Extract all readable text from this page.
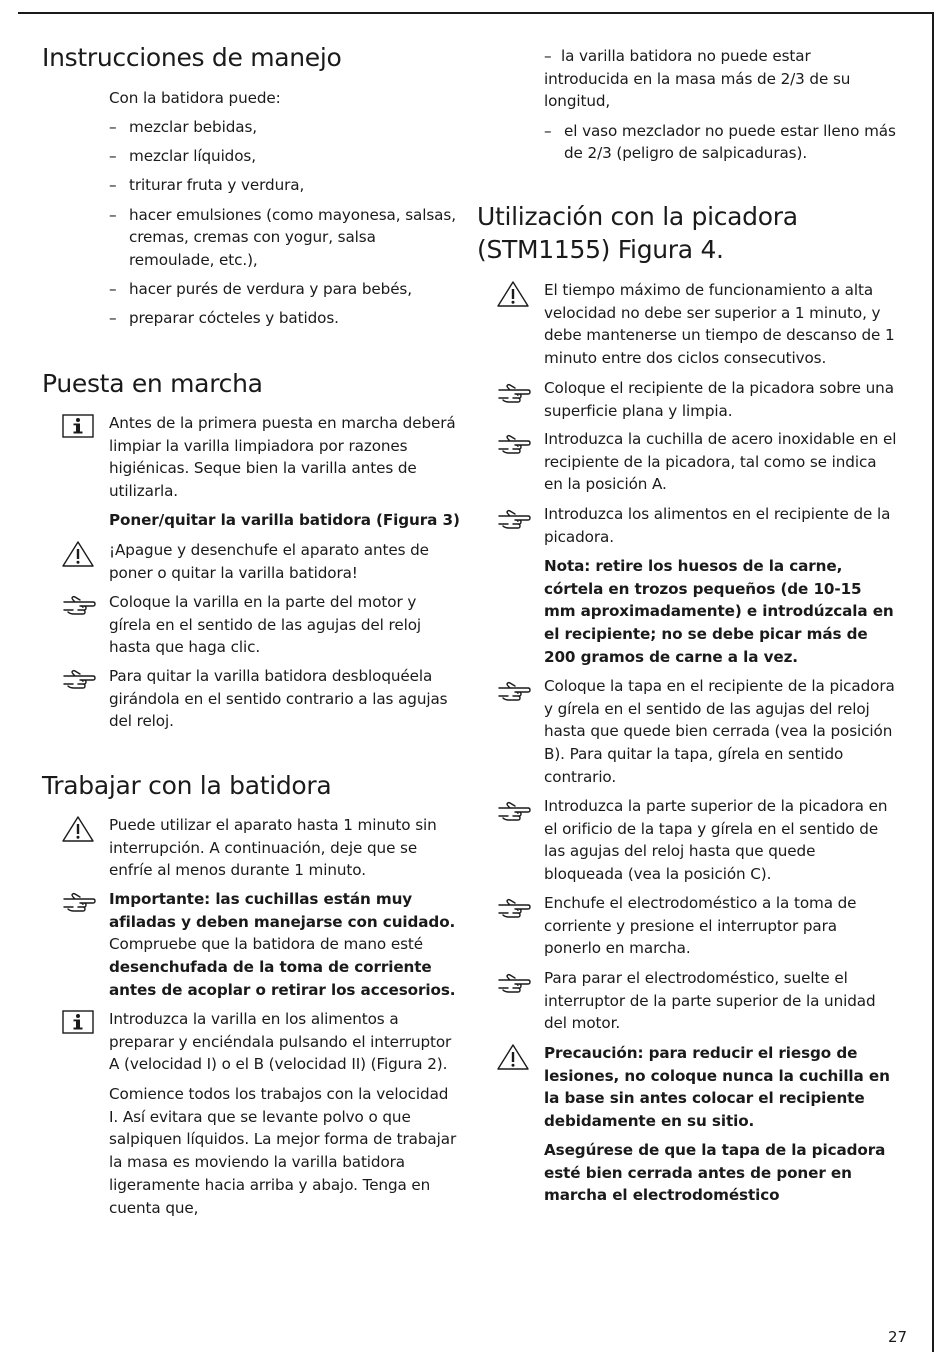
Instrucciones de manejo

Con la batidora puede:

– mezclar bebidas,
– mezclar líquidos,
– triturar fruta y verdura,
– hacer emulsiones (como mayonesa, salsas, cremas, cremas con yogur, salsa remoulade, etc.),
– hacer purés de verdura y para bebés,
– preparar cócteles y batidos.
Puesta en marcha
Antes de la primera puesta en marcha deberá limpiar la varilla limpiadora por razones higiénicas. Seque bien la varilla antes de utilizarla.

Poner/quitar la varilla batidora (Figura 3)

¡Apague y desenchufe el aparato antes de poner o quitar la varilla batidora!
Coloque la varilla en la parte del motor y gírela en el sentido de las agujas del reloj hasta que haga clic.
Para quitar la varilla batidora desbloquéela girándola en el sentido contrario a las agujas del reloj.
Trabajar con la batidora
Puede utilizar el aparato hasta 1 minuto sin interrupción. A continuación, deje que se enfríe al menos durante 1 minuto.
Importante: las cuchillas están muy afiladas y deben manejarse con cuidado. Compruebe que la batidora de mano esté desenchufada de la toma de corriente antes de acoplar o retirar los accesorios.
Introduzca la varilla en los alimentos a preparar y enciéndala pulsando el interruptor A (velocidad I) o el B (velocidad II) (Figura 2).

Comience todos los trabajos con la velocidad I. Así evitara que se levante polvo o que salpiquen líquidos. La mejor forma de trabajar la masa es moviendo la varilla batidora ligeramente hacia arriba y abajo. Tenga en cuenta que,

–  la varilla batidora no puede estar introducida en la masa más de 2/3 de su longitud,
– el vaso mezclador no puede estar lleno más de 2/3 (peligro de salpicaduras).
Utilización con la picadora (STM1155) Figura 4.
El tiempo máximo de funcionamiento a alta velocidad no debe ser superior a 1 minuto, y debe mantenerse un tiempo de descanso de 1 minuto entre dos ciclos consecutivos.
Coloque el recipiente de la picadora sobre una superficie plana y limpia.
Introduzca la cuchilla de acero inoxidable en el recipiente de la picadora, tal como se indica en la posición A.
Introduzca los alimentos en el recipiente de la picadora.

Nota: retire los huesos de la carne, córtela en trozos pequeños (de 10-15 mm aproximadamente) e introdúzcala en el recipiente; no se debe picar más de 200 gramos de carne a la vez.

Coloque la tapa en el recipiente de la picadora y gírela en el sentido de las agujas del reloj hasta que quede bien cerrada (vea la posición B). Para quitar la tapa, gírela en sentido contrario.
Introduzca la parte superior de la picadora en el orificio de la tapa y gírela en el sentido de las agujas del reloj hasta que quede bloqueada (vea la posición C).
Enchufe el electrodoméstico a la toma de corriente y presione el interruptor para ponerlo en marcha.
Para parar el electrodoméstico, suelte el interruptor de la parte superior de la unidad del motor.
Precaución: para reducir el riesgo de lesiones, no coloque nunca la cuchilla en la base sin antes colocar el recipiente debidamente en su sitio.

Asegúrese de que la tapa de la picadora esté bien cerrada antes de poner en marcha el electrodoméstico

27
